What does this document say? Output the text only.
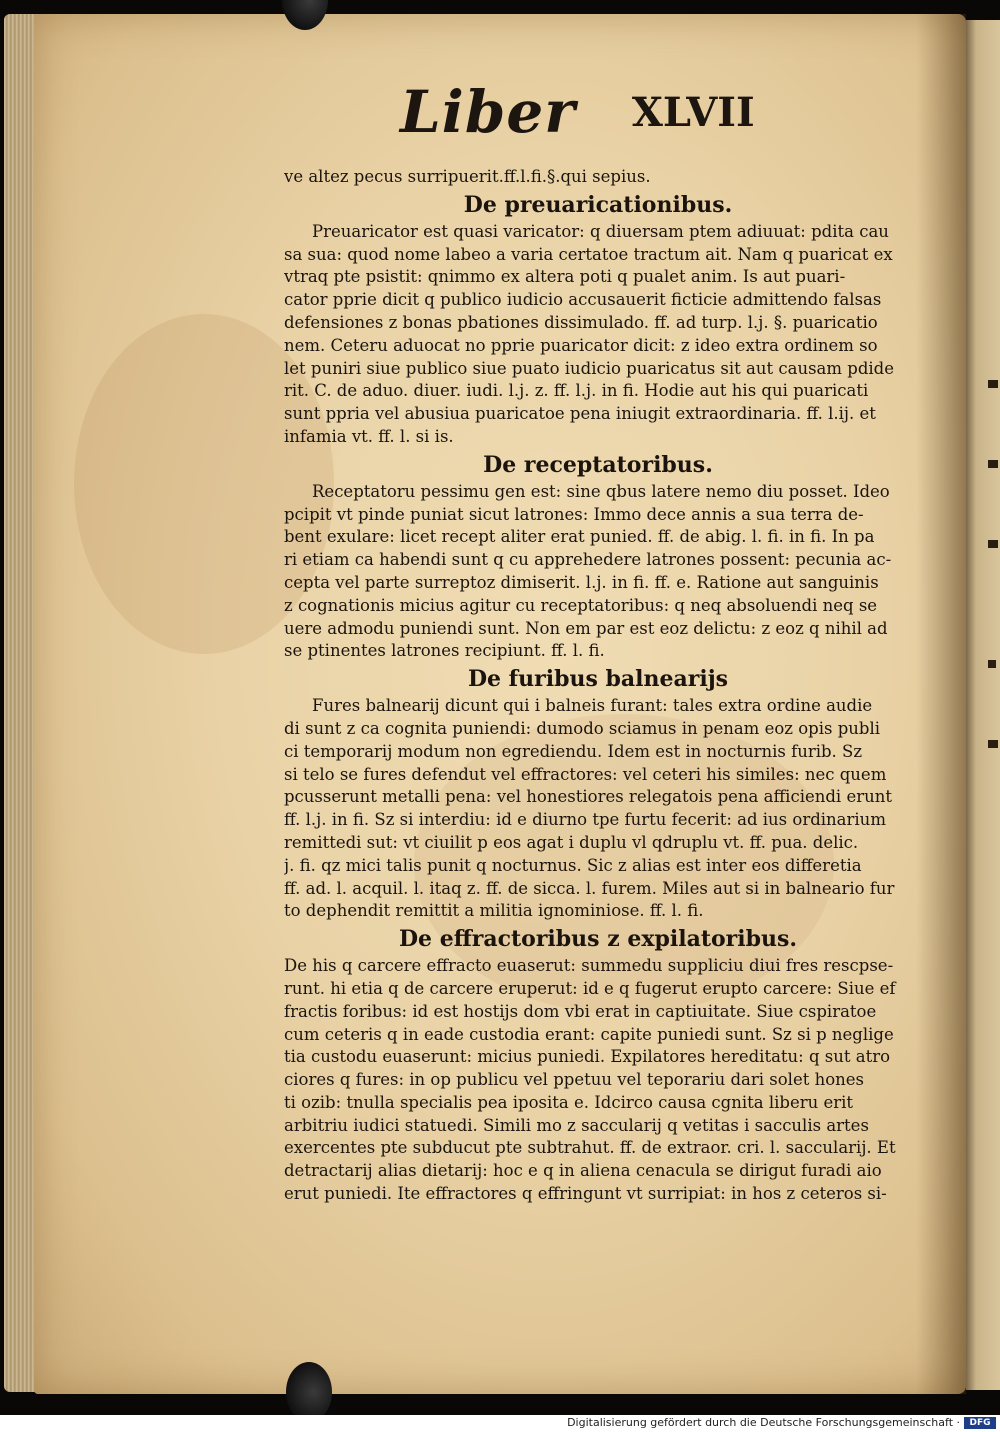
Liber XLVII
ve altez pecus surripuerit.ff.l.fi.§.qui sepius.
De preuaricationibus.
Preuaricator est quasi varicator: q diuersam ptem adiuuat: pdita cau
sa sua: quod nome labeo a varia certatoe tractum ait. Nam q puaricat ex
vtraq pte psistit: qnimmo ex altera poti q pualet anim. Is aut puari-
cator pprie dicit q publico iudicio accusauerit ficticie admittendo falsas
defensiones z bonas pbationes dissimulado. ff. ad turp. l.j. §. puaricatio
nem. Ceteru aduocat no pprie puaricator dicit: z ideo extra ordinem so
let puniri siue publico siue puato iudicio puaricatus sit aut causam pdide
rit. C. de aduo. diuer. iudi. l.j. z. ff. l.j. in fi. Hodie aut his qui puaricati
sunt ppria vel abusiua puaricatoe pena iniugit extraordinaria. ff. l.ij. et
infamia vt. ff. l. si is.
De receptatoribus.
Receptatoru pessimu gen est: sine qbus latere nemo diu posset. Ideo
pcipit vt pinde puniat sicut latrones: Immo dece annis a sua terra de-
bent exulare: licet recept aliter erat punied. ff. de abig. l. fi. in fi. In pa
ri etiam ca habendi sunt q cu apprehedere latrones possent: pecunia ac-
cepta vel parte surreptoz dimiserit. l.j. in fi. ff. e. Ratione aut sanguinis
z cognationis micius agitur cu receptatoribus: q neq absoluendi neq se
uere admodu puniendi sunt. Non em par est eoz delictu: z eoz q nihil ad
se ptinentes latrones recipiunt. ff. l. fi.
De furibus balnearijs
Fures balnearij dicunt qui i balneis furant: tales extra ordine audie
di sunt z ca cognita puniendi: dumodo sciamus in penam eoz opis publi
ci temporarij modum non egrediendu. Idem est in nocturnis furib. Sz
si telo se fures defendut vel effractores: vel ceteri his similes: nec quem
pcusserunt metalli pena: vel honestiores relegatois pena afficiendi erunt
ff. l.j. in fi. Sz si interdiu: id e diurno tpe furtu fecerit: ad ius ordinarium
remittedi sut: vt ciuilit p eos agat i duplu vl qdruplu vt. ff. pua. delic.
j. fi. qz mici talis punit q nocturnus. Sic z alias est inter eos differetia
ff. ad. l. acquil. l. itaq z. ff. de sicca. l. furem. Miles aut si in balneario fur
to dephendit remittit a militia ignominiose. ff. l. fi.
De effractoribus z expilatoribus.
De his q carcere effracto euaserut: summedu suppliciu diui fres rescpse-
runt. hi etia q de carcere eruperut: id e q fugerut erupto carcere: Siue ef
fractis foribus: id est hostijs dom vbi erat in captiuitate. Siue cspiratoe
cum ceteris q in eade custodia erant: capite puniedi sunt. Sz si p neglige
tia custodu euaserunt: micius puniedi. Expilatores hereditatu: q sut atro
ciores q fures: in op publicu vel ppetuu vel teporariu dari solet hones
ti ozib: tnulla specialis pea iposita e. Idcirco causa cgnita liberu erit
arbitriu iudici statuedi. Simili mo z saccularij q vetitas i sacculis artes
exercentes pte subducut pte subtrahut. ff. de extraor. cri. l. saccularij. Et
detractarij alias dietarij: hoc e q in aliena cenacula se dirigut furadi aio
erut puniedi. Ite effractores q effringunt vt surripiat: in hos z ceteros si-
Digitalisierung gefördert durch die Deutsche Forschungsgemeinschaft ·	DFG
